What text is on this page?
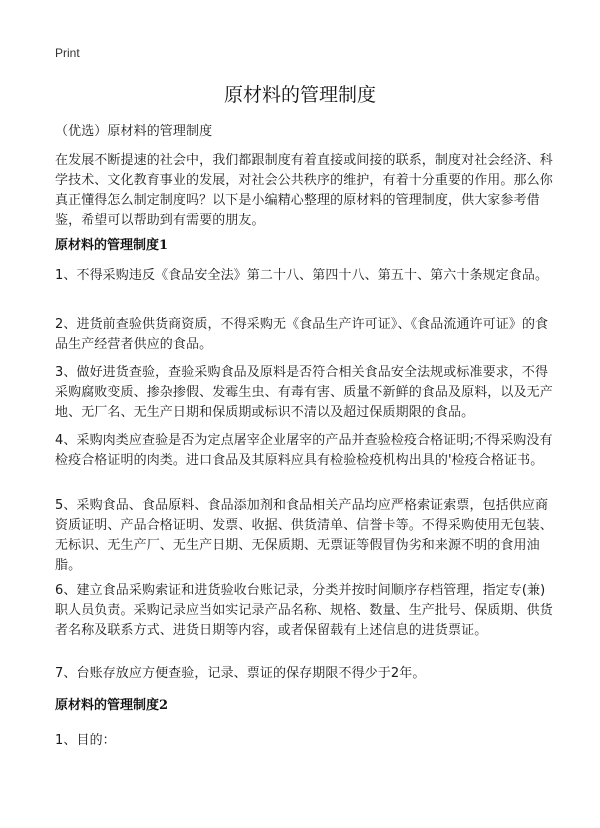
Print
原材料的管理制度

（优选）原材料的管理制度

在发展不断提速的社会中，我们都跟制度有着直接或间接的联系，制度对社会经济、科学技术、文化教育事业的发展，对社会公共秩序的维护，有着十分重要的作用。那么你真正懂得怎么制定制度吗？以下是小编精心整理的原材料的管理制度，供大家参考借鉴，希望可以帮助到有需要的朋友。

原材料的管理制度1

1、不得采购违反《食品安全法》第二十八、第四十八、第五十、第六十条规定食品。

2、进货前查验供货商资质，不得采购无《食品生产许可证》、《食品流通许可证》的食品生产经营者供应的食品。

3、做好进货查验，查验采购食品及原料是否符合相关食品安全法规或标准要求，不得采购腐败变质、掺杂掺假、发霉生虫、有毒有害、质量不新鲜的食品及原料，以及无产地、无厂名、无生产日期和保质期或标识不清以及超过保质期限的食品。

4、采购肉类应查验是否为定点屠宰企业屠宰的产品并查验检疫合格证明;不得采购没有检疫合格证明的肉类。进口食品及其原料应具有检验检疫机构出具的'检疫合格证书。

5、采购食品、食品原料、食品添加剂和食品相关产品均应严格索证索票，包括供应商资质证明、产品合格证明、发票、收据、供货清单、信誉卡等。不得采购使用无包装、无标识、无生产厂、无生产日期、无保质期、无票证等假冒伪劣和来源不明的食用油脂。

6、建立食品采购索证和进货验收台账记录，分类并按时间顺序存档管理，指定专(兼)职人员负责。采购记录应当如实记录产品名称、规格、数量、生产批号、保质期、供货者名称及联系方式、进货日期等内容，或者保留载有上述信息的进货票证。

7、台账存放应方便查验，记录、票证的保存期限不得少于2年。

原材料的管理制度2

1、目的：
